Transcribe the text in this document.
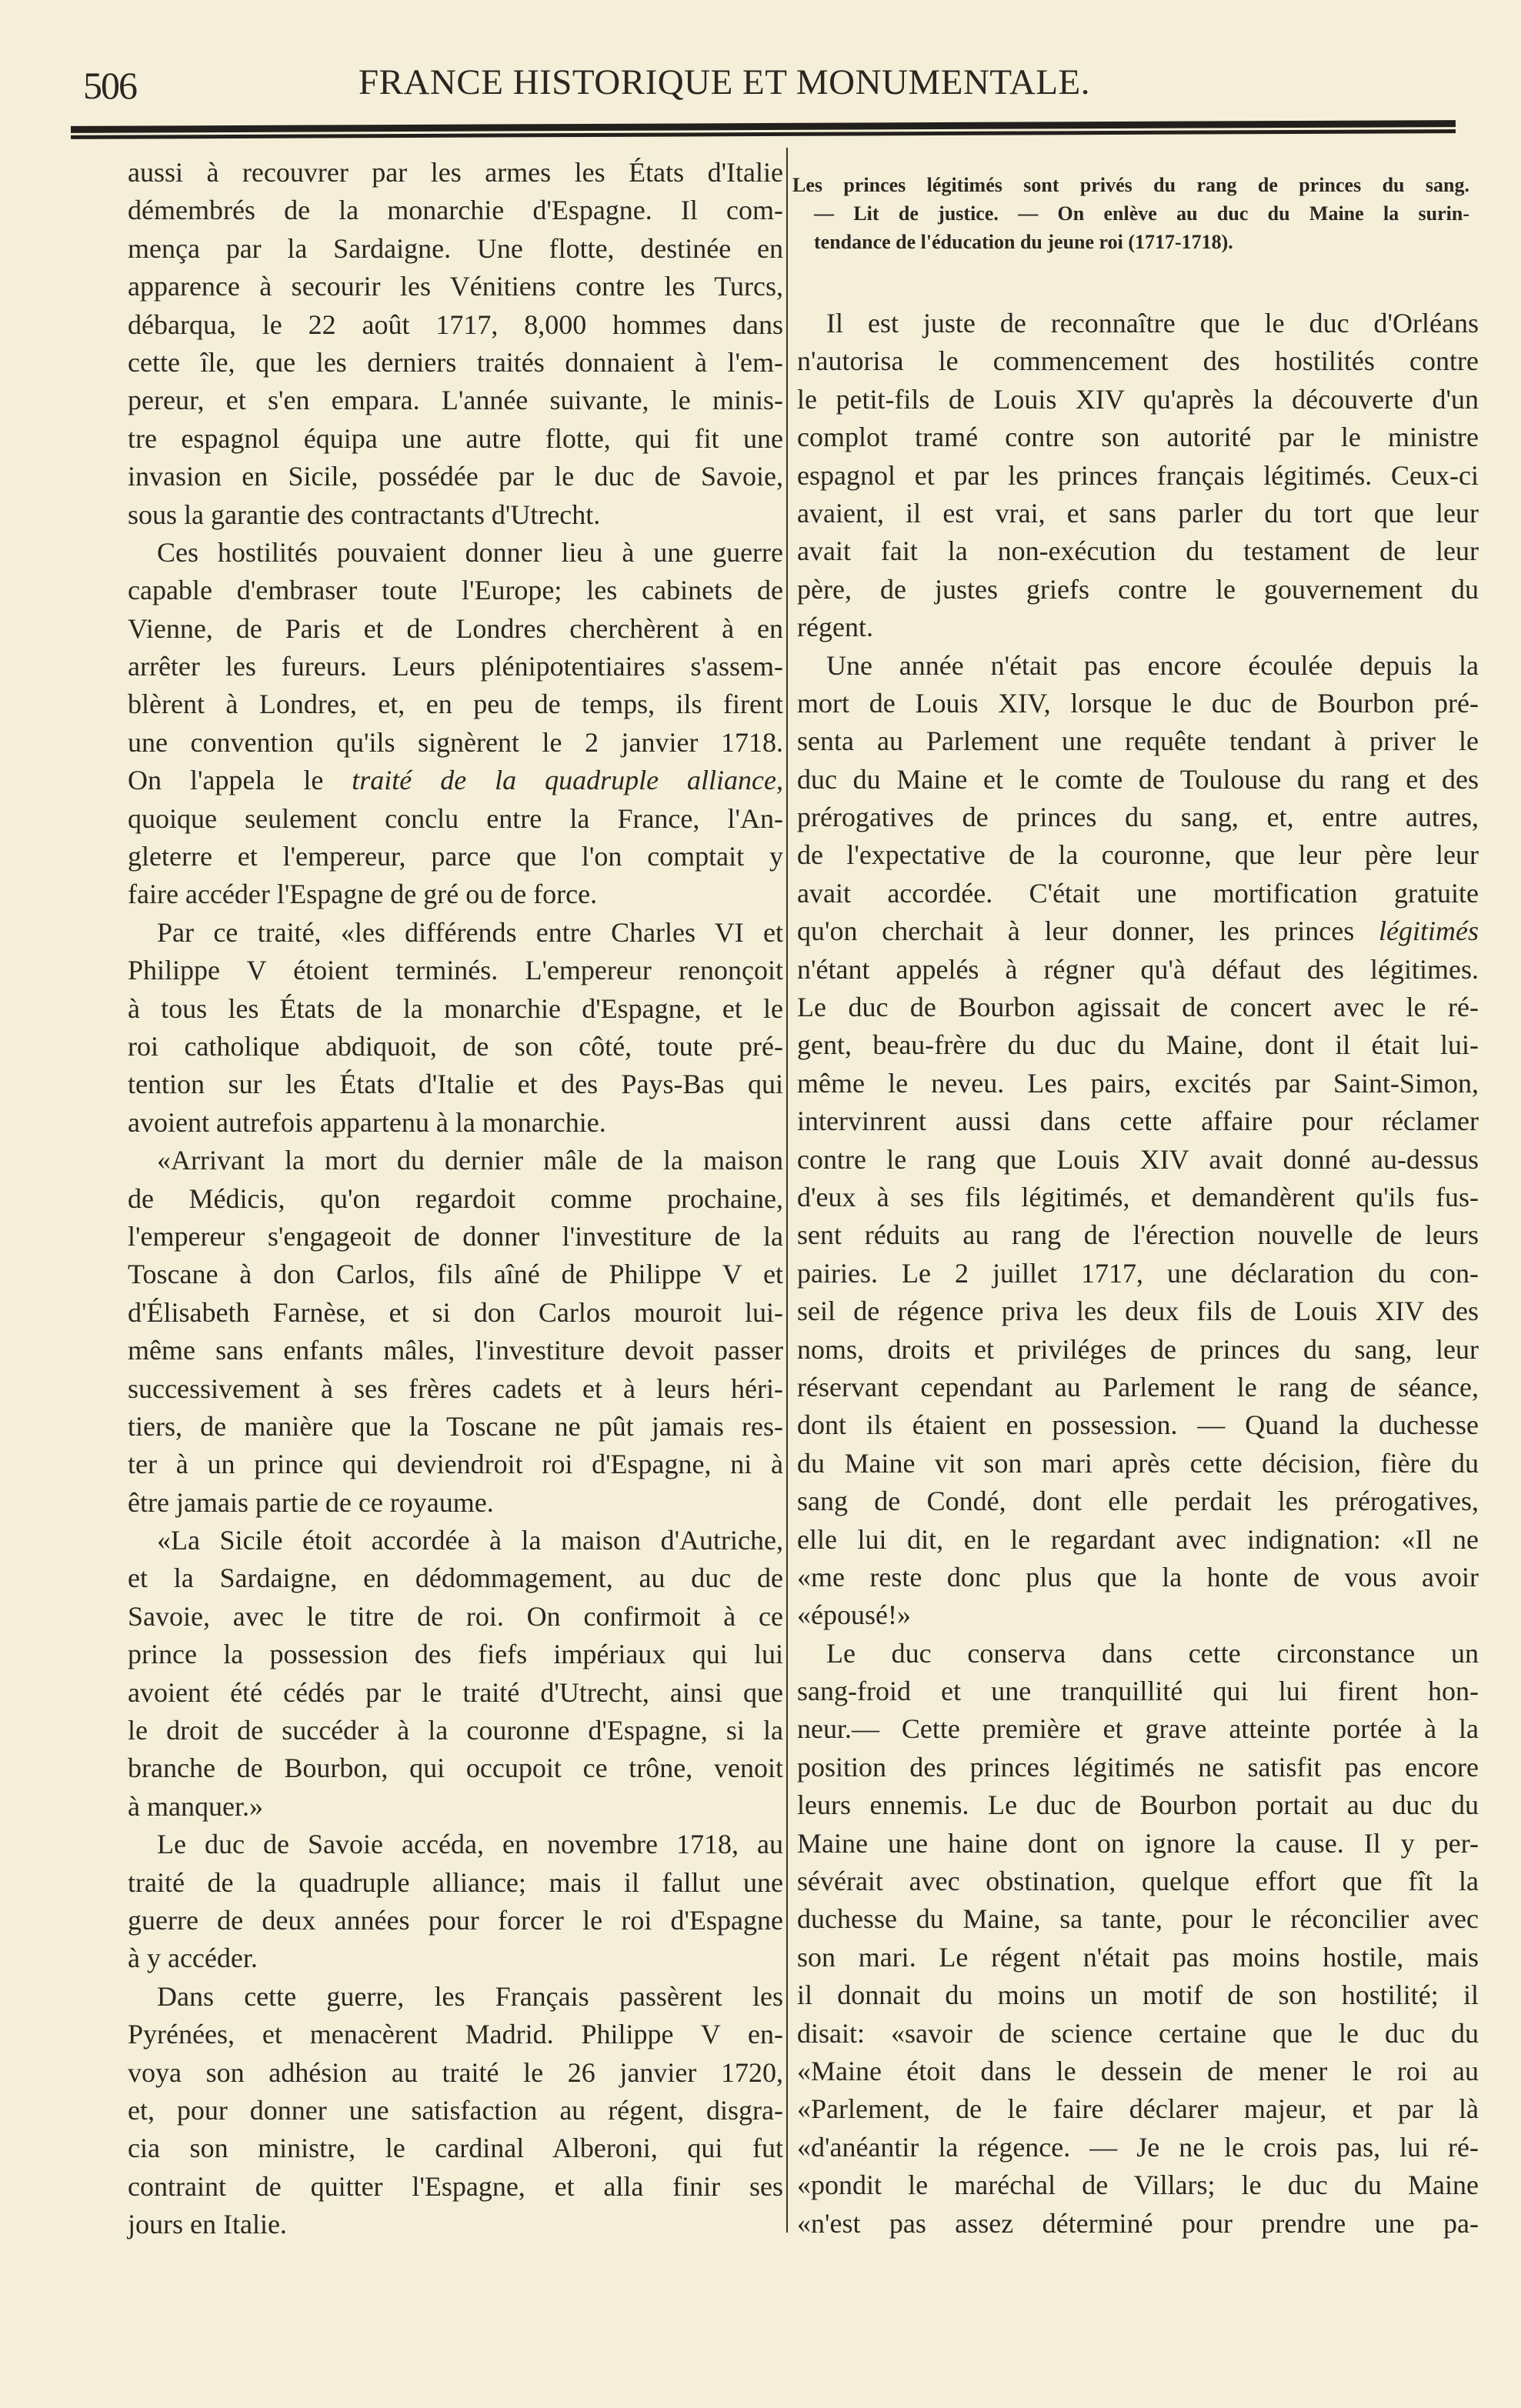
506	FRANCE HISTORIQUE ET MONUMENTALE.
Les princes légitimés sont privés du rang de princes du sang.
— Lit de justice. — On enlève au duc du Maine la surin-
tendance de l'éducation du jeune roi (1717-1718).
aussi à recouvrer par les armes les États d'Italie
démembrés de la monarchie d'Espagne. Il com-
mença par la Sardaigne. Une flotte, destinée en
apparence à secourir les Vénitiens contre les Turcs,
débarqua, le 22 août 1717, 8,000 hommes dans
cette île, que les derniers traités donnaient à l'em-
pereur, et s'en empara. L'année suivante, le minis-
tre espagnol équipa une autre flotte, qui fit une
invasion en Sicile, possédée par le duc de Savoie,
sous la garantie des contractants d'Utrecht.
Ces hostilités pouvaient donner lieu à une guerre
capable d'embraser toute l'Europe; les cabinets de
Vienne, de Paris et de Londres cherchèrent à en
arrêter les fureurs. Leurs plénipotentiaires s'assem-
blèrent à Londres, et, en peu de temps, ils firent
une convention qu'ils signèrent le 2 janvier 1718.
On l'appela le traité de la quadruple alliance,
quoique seulement conclu entre la France, l'An-
gleterre et l'empereur, parce que l'on comptait y
faire accéder l'Espagne de gré ou de force.
Par ce traité, «les différends entre Charles VI et
Philippe V étoient terminés. L'empereur renonçoit
à tous les États de la monarchie d'Espagne, et le
roi catholique abdiquoit, de son côté, toute pré-
tention sur les États d'Italie et des Pays-Bas qui
avoient autrefois appartenu à la monarchie.
«Arrivant la mort du dernier mâle de la maison
de Médicis, qu'on regardoit comme prochaine,
l'empereur s'engageoit de donner l'investiture de la
Toscane à don Carlos, fils aîné de Philippe V et
d'Élisabeth Farnèse, et si don Carlos mouroit lui-
même sans enfants mâles, l'investiture devoit passer
successivement à ses frères cadets et à leurs héri-
tiers, de manière que la Toscane ne pût jamais res-
ter à un prince qui deviendroit roi d'Espagne, ni à
être jamais partie de ce royaume.
«La Sicile étoit accordée à la maison d'Autriche,
et la Sardaigne, en dédommagement, au duc de
Savoie, avec le titre de roi. On confirmoit à ce
prince la possession des fiefs impériaux qui lui
avoient été cédés par le traité d'Utrecht, ainsi que
le droit de succéder à la couronne d'Espagne, si la
branche de Bourbon, qui occupoit ce trône, venoit
à manquer.»
Le duc de Savoie accéda, en novembre 1718, au
traité de la quadruple alliance; mais il fallut une
guerre de deux années pour forcer le roi d'Espagne
à y accéder.
Dans cette guerre, les Français passèrent les
Pyrénées, et menacèrent Madrid. Philippe V en-
voya son adhésion au traité le 26 janvier 1720,
et, pour donner une satisfaction au régent, disgra-
cia son ministre, le cardinal Alberoni, qui fut
contraint de quitter l'Espagne, et alla finir ses
jours en Italie.
Il est juste de reconnaître que le duc d'Orléans
n'autorisa le commencement des hostilités contre
le petit-fils de Louis XIV qu'après la découverte d'un
complot tramé contre son autorité par le ministre
espagnol et par les princes français légitimés. Ceux-ci
avaient, il est vrai, et sans parler du tort que leur
avait fait la non-exécution du testament de leur
père, de justes griefs contre le gouvernement du
régent.
Une année n'était pas encore écoulée depuis la
mort de Louis XIV, lorsque le duc de Bourbon pré-
senta au Parlement une requête tendant à priver le
duc du Maine et le comte de Toulouse du rang et des
prérogatives de princes du sang, et, entre autres,
de l'expectative de la couronne, que leur père leur
avait accordée. C'était une mortification gratuite
qu'on cherchait à leur donner, les princes légitimés
n'étant appelés à régner qu'à défaut des légitimes.
Le duc de Bourbon agissait de concert avec le ré-
gent, beau-frère du duc du Maine, dont il était lui-
même le neveu. Les pairs, excités par Saint-Simon,
intervinrent aussi dans cette affaire pour réclamer
contre le rang que Louis XIV avait donné au-dessus
d'eux à ses fils légitimés, et demandèrent qu'ils fus-
sent réduits au rang de l'érection nouvelle de leurs
pairies. Le 2 juillet 1717, une déclaration du con-
seil de régence priva les deux fils de Louis XIV des
noms, droits et priviléges de princes du sang, leur
réservant cependant au Parlement le rang de séance,
dont ils étaient en possession. — Quand la duchesse
du Maine vit son mari après cette décision, fière du
sang de Condé, dont elle perdait les prérogatives,
elle lui dit, en le regardant avec indignation: «Il ne
«me reste donc plus que la honte de vous avoir
«épousé!»
Le duc conserva dans cette circonstance un
sang-froid et une tranquillité qui lui firent hon-
neur.— Cette première et grave atteinte portée à la
position des princes légitimés ne satisfit pas encore
leurs ennemis. Le duc de Bourbon portait au duc du
Maine une haine dont on ignore la cause. Il y per-
sévérait avec obstination, quelque effort que fît la
duchesse du Maine, sa tante, pour le réconcilier avec
son mari. Le régent n'était pas moins hostile, mais
il donnait du moins un motif de son hostilité; il
disait: «savoir de science certaine que le duc du
«Maine étoit dans le dessein de mener le roi au
«Parlement, de le faire déclarer majeur, et par là
«d'anéantir la régence. — Je ne le crois pas, lui ré-
«pondit le maréchal de Villars; le duc du Maine
«n'est pas assez déterminé pour prendre une pa-
